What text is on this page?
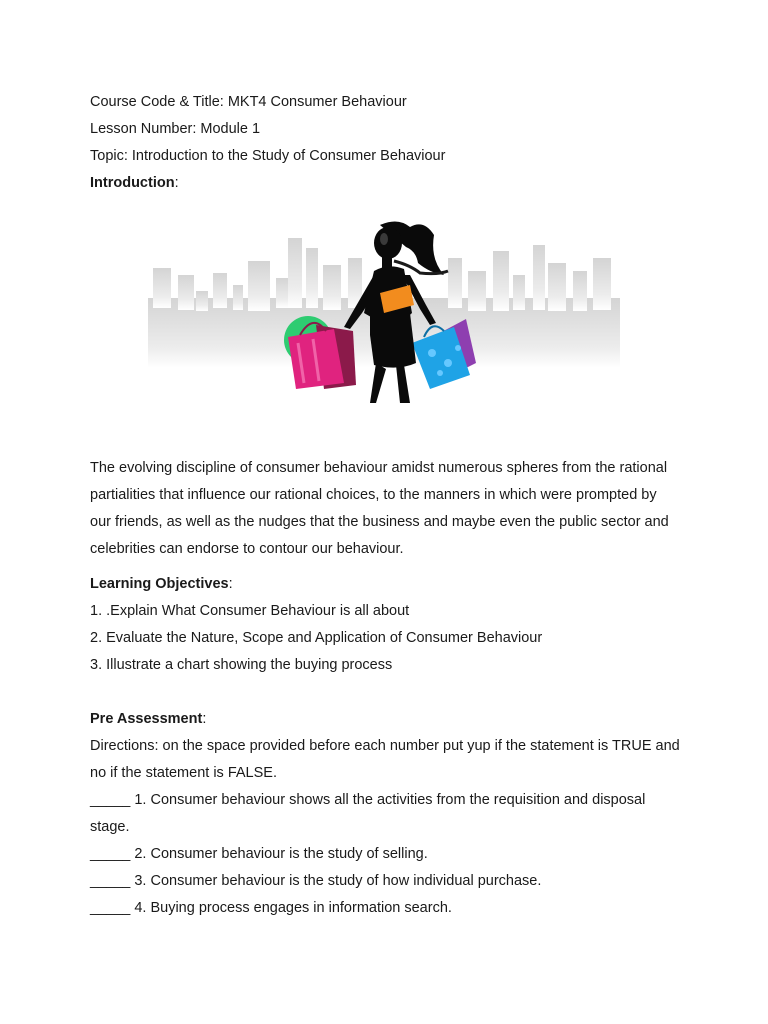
Course Code & Title: MKT4 Consumer Behaviour

Lesson Number: Module 1

Topic: Introduction to the Study of Consumer Behaviour

Introduction:

The evolving discipline of consumer behaviour amidst numerous spheres from the rational partialities that influence our rational choices, to the manners in which were prompted by our friends, as well as the nudges that the business and maybe even the public sector and celebrities can endorse to contour our behaviour.

Learning Objectives:

1. .Explain What Consumer Behaviour is all about

2. Evaluate the Nature, Scope and Application of Consumer Behaviour

3. Illustrate a chart showing the buying process

Pre Assessment:

Directions: on the space provided before each number put yup if the statement is TRUE and no if the statement is FALSE.

_____ 1. Consumer behaviour shows all the activities from the requisition and disposal stage.

_____ 2. Consumer behaviour is the study of selling.

_____ 3. Consumer behaviour is the study of how individual purchase.

_____ 4. Buying process engages in information search.
